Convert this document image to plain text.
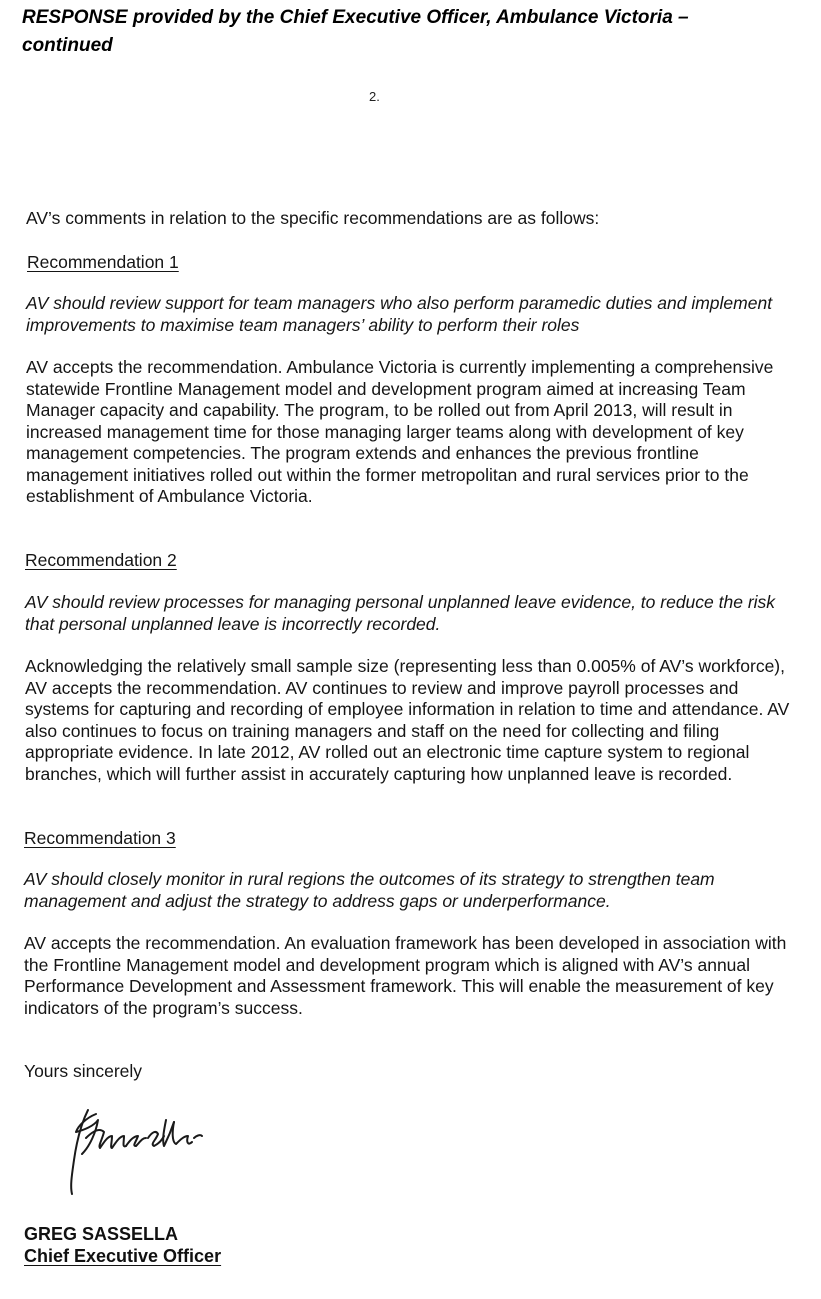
RESPONSE provided by the Chief Executive Officer, Ambulance Victoria –
continued
2.
AV’s comments in relation to the specific recommendations are as follows:
Recommendation 1
AV should review support for team managers who also perform paramedic duties and implement improvements to maximise team managers’ ability to perform their roles
AV accepts the recommendation. Ambulance Victoria is currently implementing a comprehensive statewide Frontline Management model and development program aimed at increasing Team Manager capacity and capability. The program, to be rolled out from April 2013, will result in increased management time for those managing larger teams along with development of key management competencies. The program extends and enhances the previous frontline management initiatives rolled out within the former metropolitan and rural services prior to the establishment of Ambulance Victoria.
Recommendation 2
AV should review processes for managing personal unplanned leave evidence, to reduce the risk that personal unplanned leave is incorrectly recorded.
Acknowledging the relatively small sample size (representing less than 0.005% of AV’s workforce), AV accepts the recommendation. AV continues to review and improve payroll processes and systems for capturing and recording of employee information in relation to time and attendance. AV also continues to focus on training managers and staff on the need for collecting and filing appropriate evidence. In late 2012, AV rolled out an electronic time capture system to regional branches, which will further assist in accurately capturing how unplanned leave is recorded.
Recommendation 3
AV should closely monitor in rural regions the outcomes of its strategy to strengthen team management and adjust the strategy to address gaps or underperformance.
AV accepts the recommendation. An evaluation framework has been developed in association with the Frontline Management model and development program which is aligned with AV’s annual Performance Development and Assessment framework. This will enable the measurement of key indicators of the program’s success.
Yours sincerely
GREG SASSELLA
Chief Executive Officer
